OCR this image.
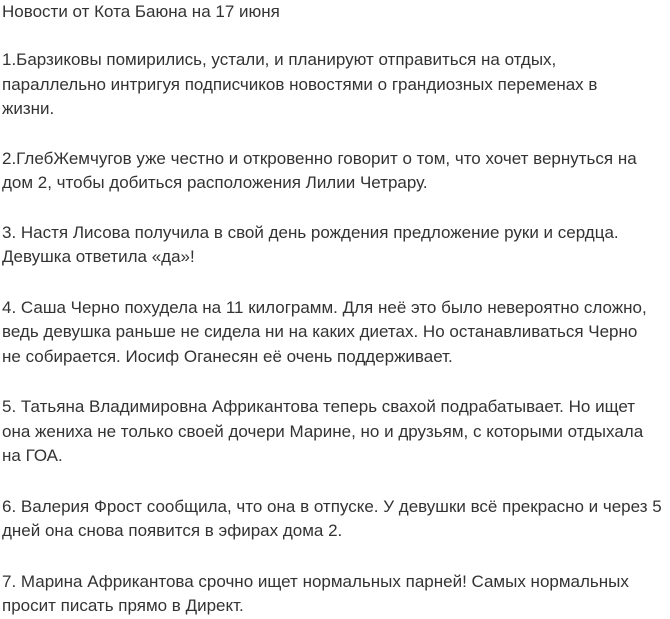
Новости от Кота Баюна на 17 июня

1.Барзиковы помирились, устали, и планируют отправиться на отдых,
параллельно интригуя подписчиков новостями о грандиозных переменах в
жизни.

2.ГлебЖемчугов уже честно и откровенно говорит о том, что хочет вернуться на
дом 2, чтобы добиться расположения Лилии Четрару.

3. Настя Лисова получила в свой день рождения предложение руки и сердца.
Девушка ответила «да»!

4. Саша Черно похудела на 11 килограмм. Для неё это было невероятно сложно,
ведь девушка раньше не сидела ни на каких диетах. Но останавливаться Черно
не собирается. Иосиф Оганесян её очень поддерживает.

5. Татьяна Владимировна Африкантова теперь свахой подрабатывает. Но ищет
она жениха не только своей дочери Марине, но и друзьям, с которыми отдыхала
на ГОА.

6. Валерия Фрост сообщила, что она в отпуске. У девушки всё прекрасно и через 5
дней она снова появится в эфирах дома 2.

7. Марина Африкантова срочно ищет нормальных парней! Самых нормальных
просит писать прямо в Директ.
